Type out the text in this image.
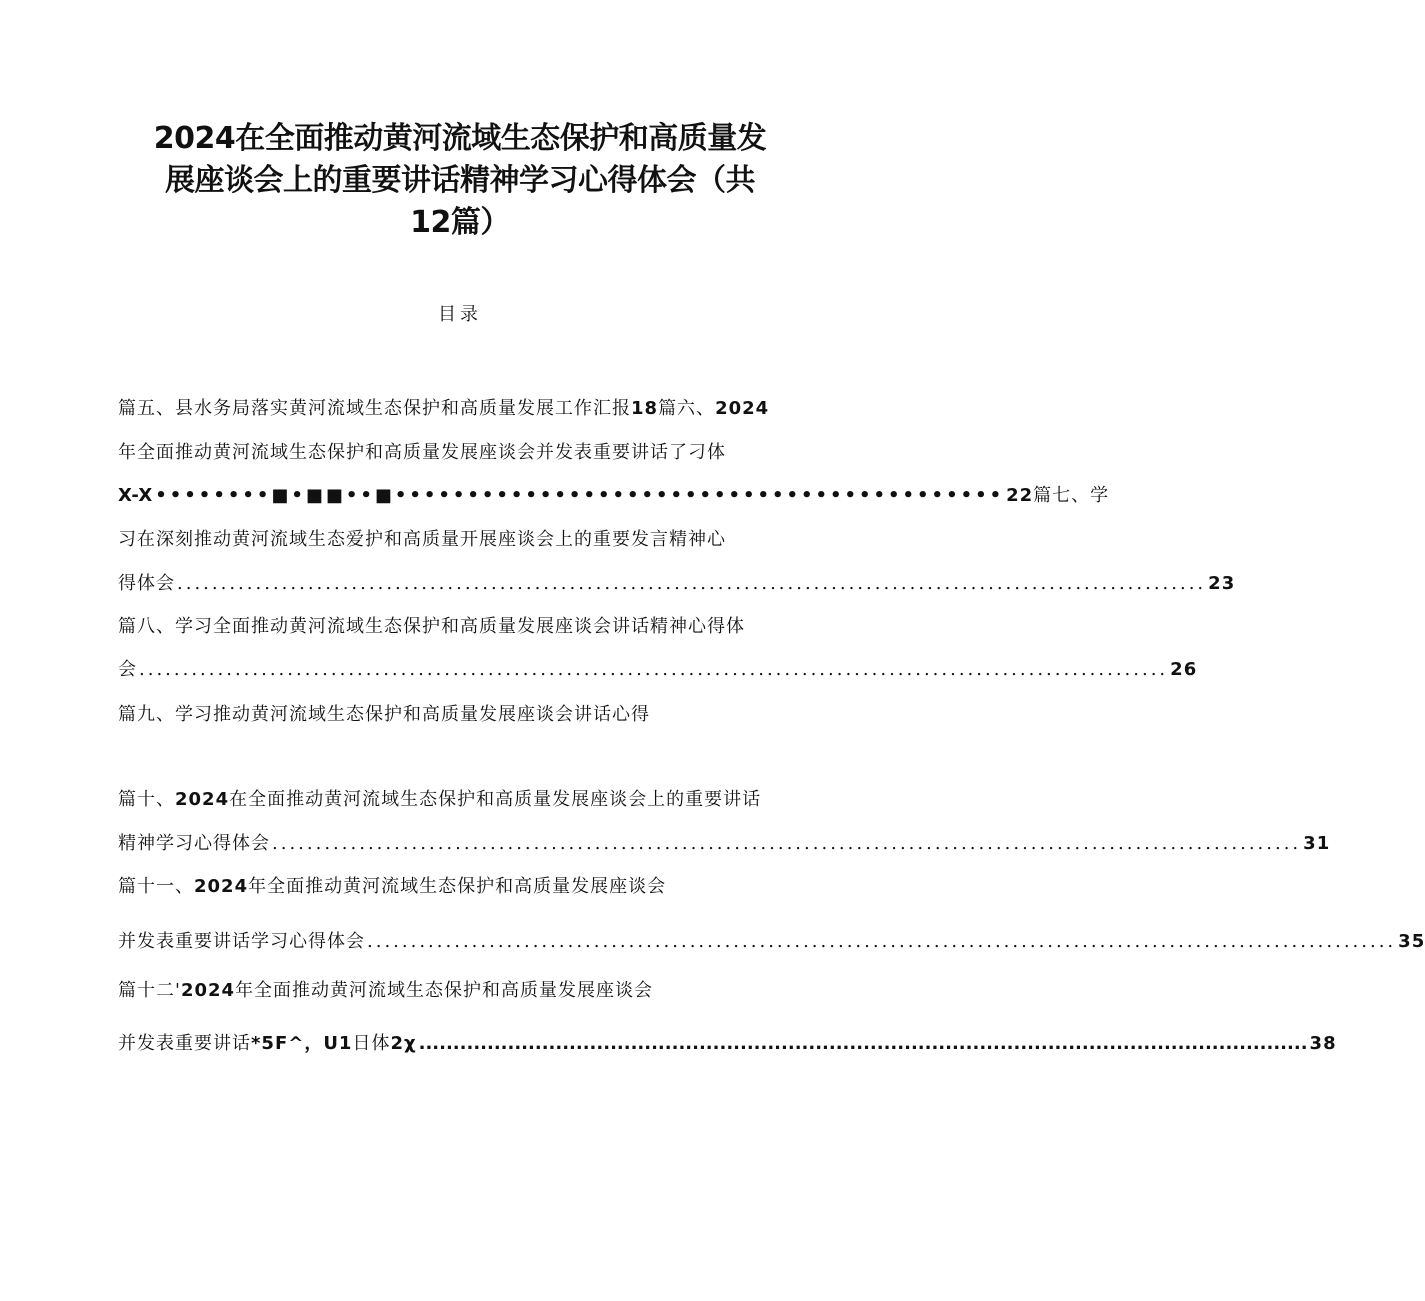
2024在全面推动黄河流域生态保护和高质量发
展座谈会上的重要讲话精神学习心得体会（共
12篇）
目录
篇五、县水务局落实黄河流域生态保护和高质量发展工作汇报18篇六、2024
年全面推动黄河流域生态保护和高质量发展座谈会并发表重要讲话了刁体
X-X ••••••••■•■■••■•••••••••••••••••••••••••••••••••••••••••• 22 篇七、学
习在深刻推动黄河流域生态爱护和高质量开展座谈会上的重要发言精神心
得体会 ...................................................................................................................... 23
篇八、学习全面推动黄河流域生态保护和高质量发展座谈会讲话精神心得体
会 ...................................................................................................................... 26
篇九、学习推动黄河流域生态保护和高质量发展座谈会讲话心得
篇十、2024在全面推动黄河流域生态保护和高质量发展座谈会上的重要讲话
精神学习心得体会 ...................................................................................................................... 31
篇十一、2024年全面推动黄河流域生态保护和高质量发展座谈会
并发表重要讲话学习心得体会 ...................................................................................................................... 35
篇十二'2024年全面推动黄河流域生态保护和高质量发展座谈会
并发表重要讲话 *5F^，U1 日体 2χ .................................................................................................................................. 38
